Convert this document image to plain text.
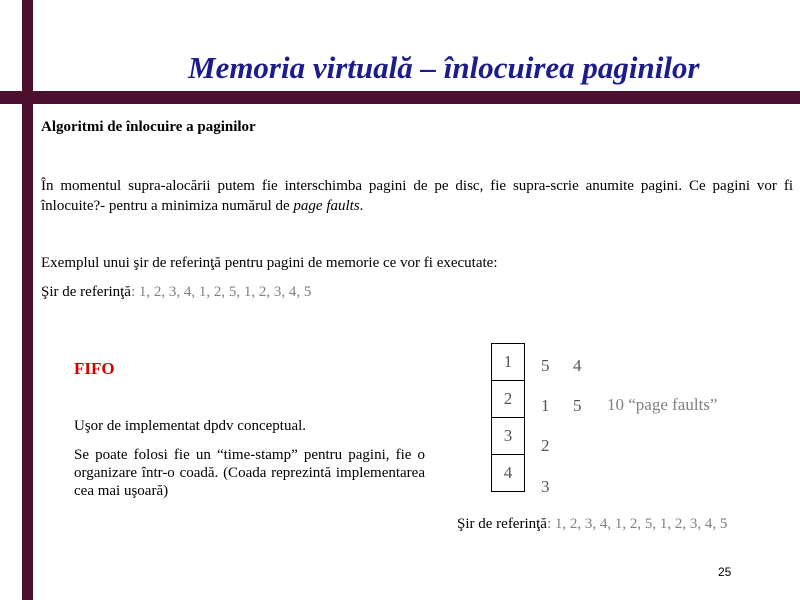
Memoria virtuală – înlocuirea paginilor
Algoritmi de înlocuire a paginilor
În momentul supra-alocării putem fie interschimba pagini de pe disc, fie supra-scrie anumite pagini. Ce pagini vor fi înlocuite?- pentru a minimiza numărul de page faults.
Exemplul unui şir de referinţă pentru pagini de memorie ce vor fi executate:
Şir de referinţă: 1, 2, 3, 4, 1, 2, 5, 1, 2, 3, 4, 5
FIFO
Uşor de implementat dpdv conceptual.
Se poate folosi fie un “time-stamp” pentru pagini, fie o organizare într-o coadă. (Coada reprezintă implementarea cea mai uşoară)
1
2
3
4
5
1
2
3
4
5 10 “page faults”
Şir de referinţă: 1, 2, 3, 4, 1, 2, 5, 1, 2, 3, 4, 5
25
